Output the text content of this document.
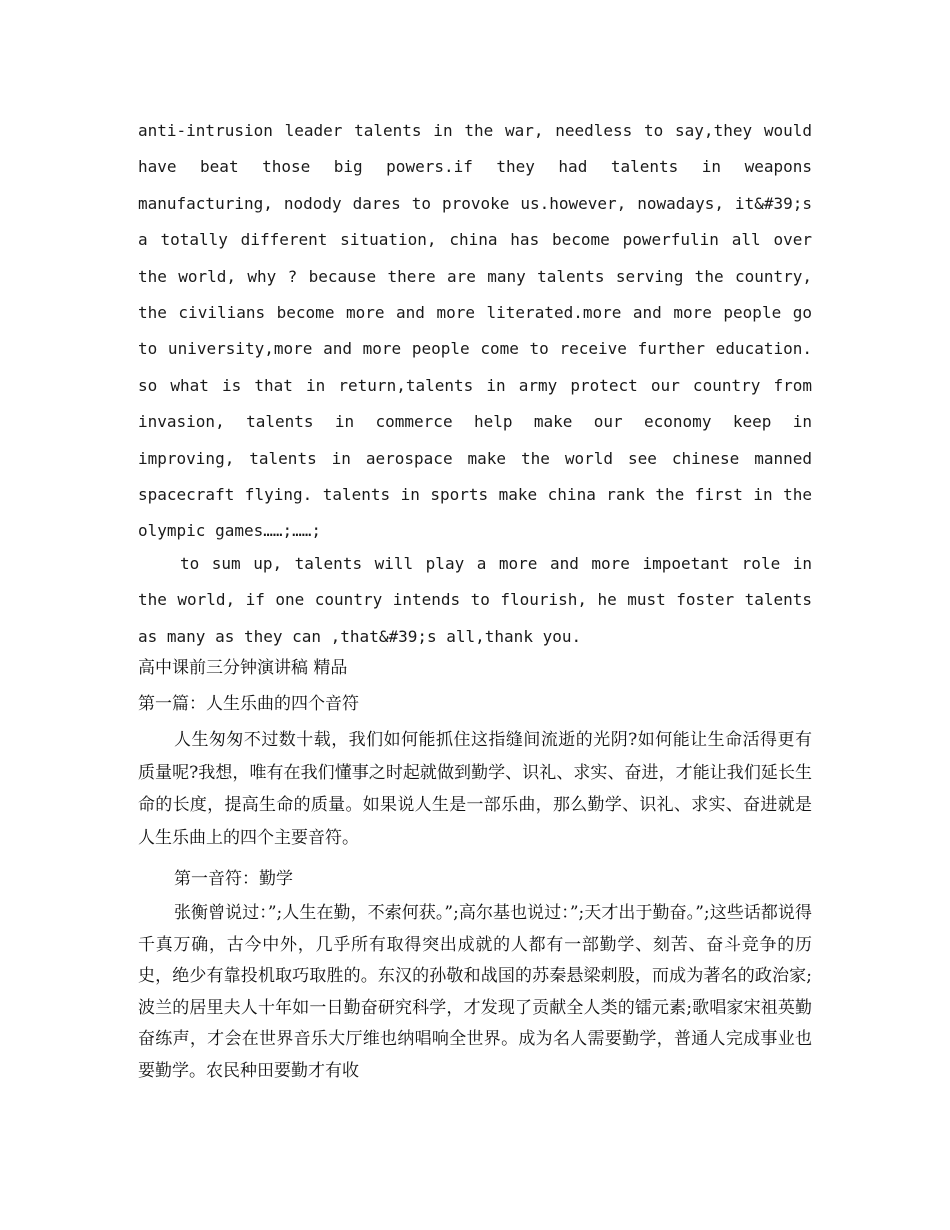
anti-intrusion leader talents in the war, needless to say,they would have beat those big powers.if they had talents in weapons manufacturing, nodody dares to provoke us.however, nowadays, it&#39;s a totally different situation, china has become powerfulin all over the world, why ? because there are many talents serving the country, the civilians become more and more literated.more and more people go to university,more and more people come to receive further education. so what is that in return,talents in army protect our country from invasion, talents in commerce help make our economy keep in improving, talents in aerospace make the world see chinese manned spacecraft flying. talents in sports make china rank the first in the olympic games……;……;

to sum up, talents will play a more and more impoetant role in the world, if one country intends to flourish, he must foster talents as many as they can ,that&#39;s all,thank you.

高中课前三分钟演讲稿 精品

第一篇：人生乐曲的四个音符

人生匆匆不过数十载，我们如何能抓住这指缝间流逝的光阴?如何能让生命活得更有质量呢?我想，唯有在我们懂事之时起就做到勤学、识礼、求实、奋进，才能让我们延长生命的长度，提高生命的质量。如果说人生是一部乐曲，那么勤学、识礼、求实、奋进就是人生乐曲上的四个主要音符。

第一音符：勤学

张衡曾说过：”;人生在勤，不索何获。”;高尔基也说过：”;天才出于勤奋。”;这些话都说得千真万确，古今中外，几乎所有取得突出成就的人都有一部勤学、刻苦、奋斗竞争的历史，绝少有靠投机取巧取胜的。东汉的孙敬和战国的苏秦悬梁刺股，而成为著名的政治家;波兰的居里夫人十年如一日勤奋研究科学，才发现了贡献全人类的镭元素;歌唱家宋祖英勤奋练声，才会在世界音乐大厅维也纳唱响全世界。成为名人需要勤学，普通人完成事业也要勤学。农民种田要勤才有收
